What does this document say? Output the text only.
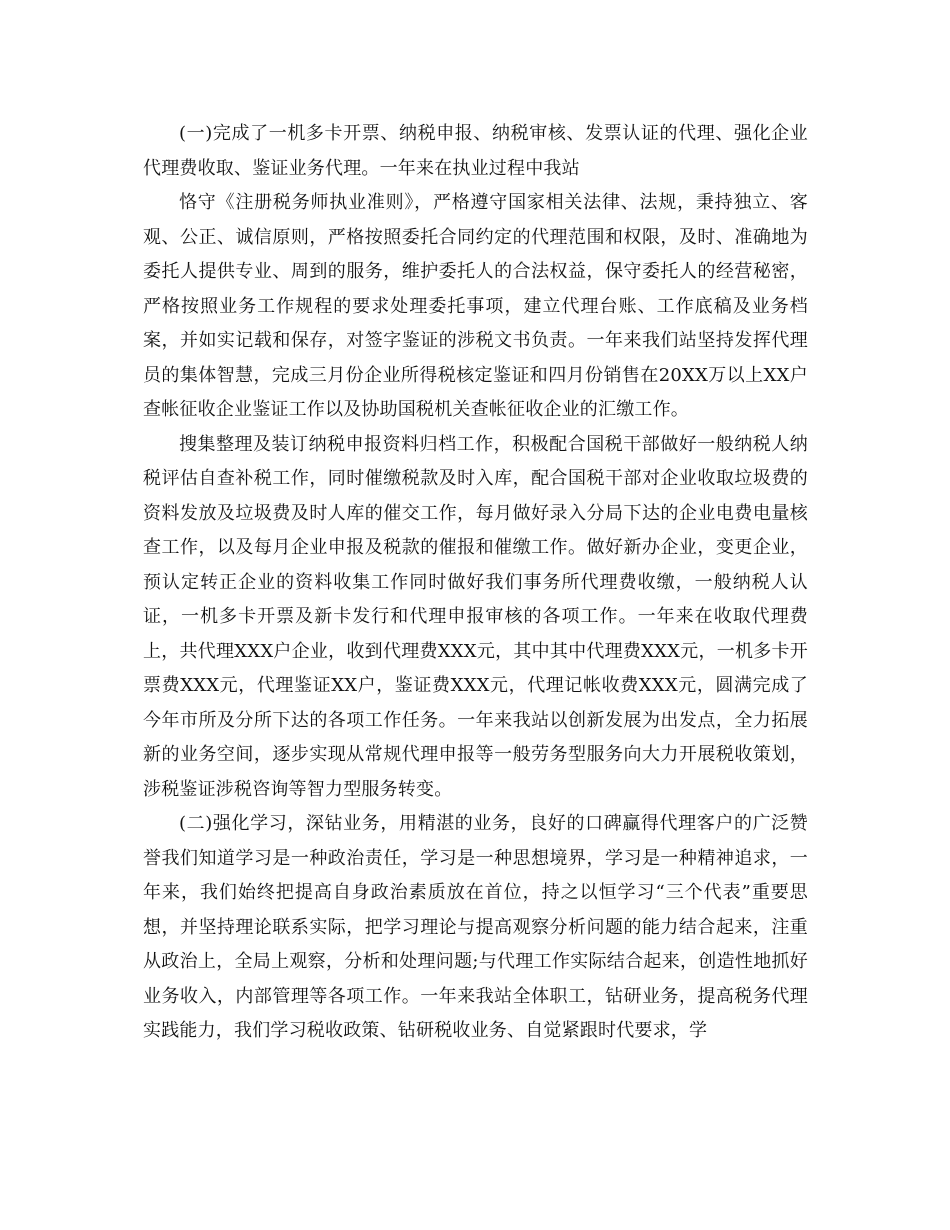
(一)完成了一机多卡开票、纳税申报、纳税审核、发票认证的代理、强化企业代理费收取、鉴证业务代理。一年来在执业过程中我站

恪守《注册税务师执业准则》，严格遵守国家相关法律、法规，秉持独立、客观、公正、诚信原则，严格按照委托合同约定的代理范围和权限，及时、准确地为委托人提供专业、周到的服务，维护委托人的合法权益，保守委托人的经营秘密，严格按照业务工作规程的要求处理委托事项，建立代理台账、工作底稿及业务档案，并如实记载和保存，对签字鉴证的涉税文书负责。一年来我们站坚持发挥代理员的集体智慧，完成三月份企业所得税核定鉴证和四月份销售在20XX万以上XX户查帐征收企业鉴证工作以及协助国税机关查帐征收企业的汇缴工作。

搜集整理及装订纳税申报资料归档工作，积极配合国税干部做好一般纳税人纳税评估自查补税工作，同时催缴税款及时入库，配合国税干部对企业收取垃圾费的资料发放及垃圾费及时人库的催交工作，每月做好录入分局下达的企业电费电量核查工作，以及每月企业申报及税款的催报和催缴工作。做好新办企业，变更企业，预认定转正企业的资料收集工作同时做好我们事务所代理费收缴，一般纳税人认证，一机多卡开票及新卡发行和代理申报审核的各项工作。一年来在收取代理费上，共代理XXX户企业，收到代理费XXX元，其中其中代理费XXX元，一机多卡开票费XXX元，代理鉴证XX户，鉴证费XXX元，代理记帐收费XXX元，圆满完成了今年市所及分所下达的各项工作任务。一年来我站以创新发展为出发点，全力拓展新的业务空间，逐步实现从常规代理申报等一般劳务型服务向大力开展税收策划，涉税鉴证涉税咨询等智力型服务转变。

(二)强化学习，深钻业务，用精湛的业务，良好的口碑赢得代理客户的广泛赞誉我们知道学习是一种政治责任，学习是一种思想境界，学习是一种精神追求，一年来，我们始终把提高自身政治素质放在首位，持之以恒学习“三个代表”重要思想，并坚持理论联系实际，把学习理论与提高观察分析问题的能力结合起来，注重从政治上，全局上观察，分析和处理问题;与代理工作实际结合起来，创造性地抓好业务收入，内部管理等各项工作。一年来我站全体职工，钻研业务，提高税务代理实践能力，我们学习税收政策、钻研税收业务、自觉紧跟时代要求，学
